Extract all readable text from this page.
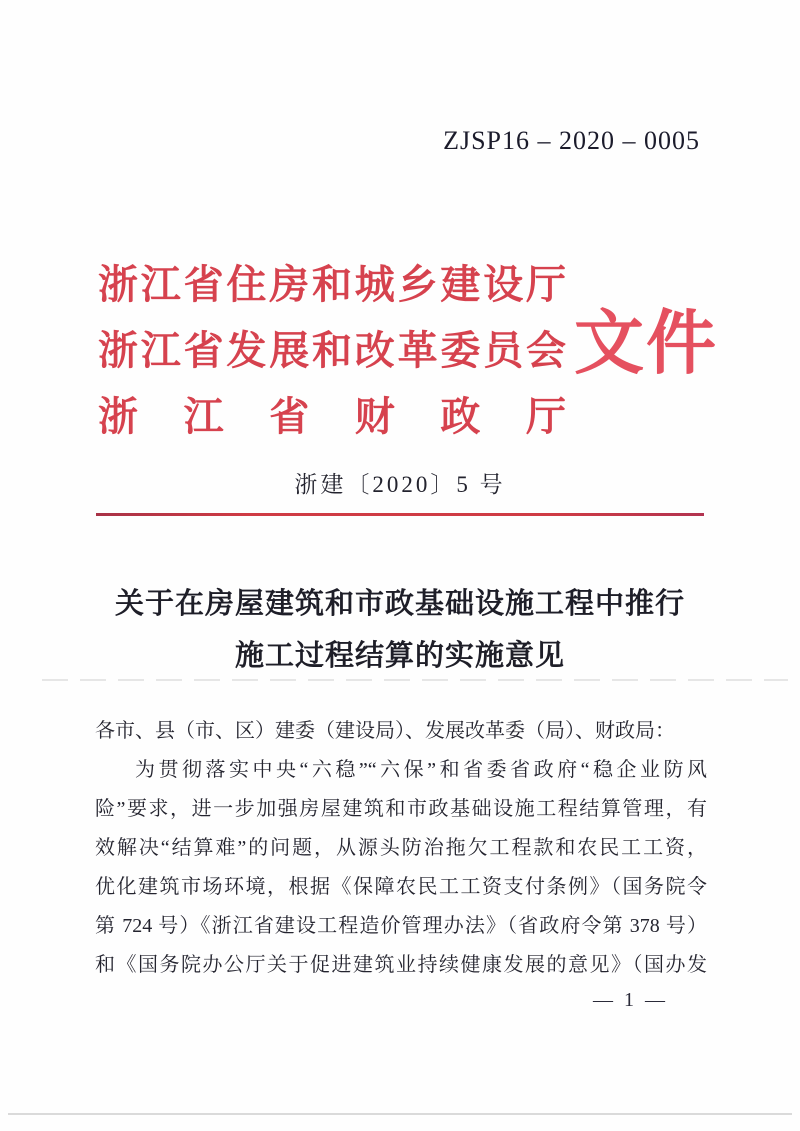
ZJSP16 – 2020 – 0005
浙江省住房和城乡建设厅
浙江省发展和改革委员会
浙江省财政厅
文件
浙建〔2020〕5 号
关于在房屋建筑和市政基础设施工程中推行
施工过程结算的实施意见
各市、县（市、区）建委（建设局）、发展改革委（局）、财政局：
为贯彻落实中央“六稳”“六保”和省委省政府“稳企业防风
险”要求，进一步加强房屋建筑和市政基础设施工程结算管理，有
效解决“结算难”的问题，从源头防治拖欠工程款和农民工工资，
优化建筑市场环境，根据《保障农民工工资支付条例》（国务院令
第 724 号）《浙江省建设工程造价管理办法》（省政府令第 378 号）
和《国务院办公厅关于促进建筑业持续健康发展的意见》（国办发
— 1 —
